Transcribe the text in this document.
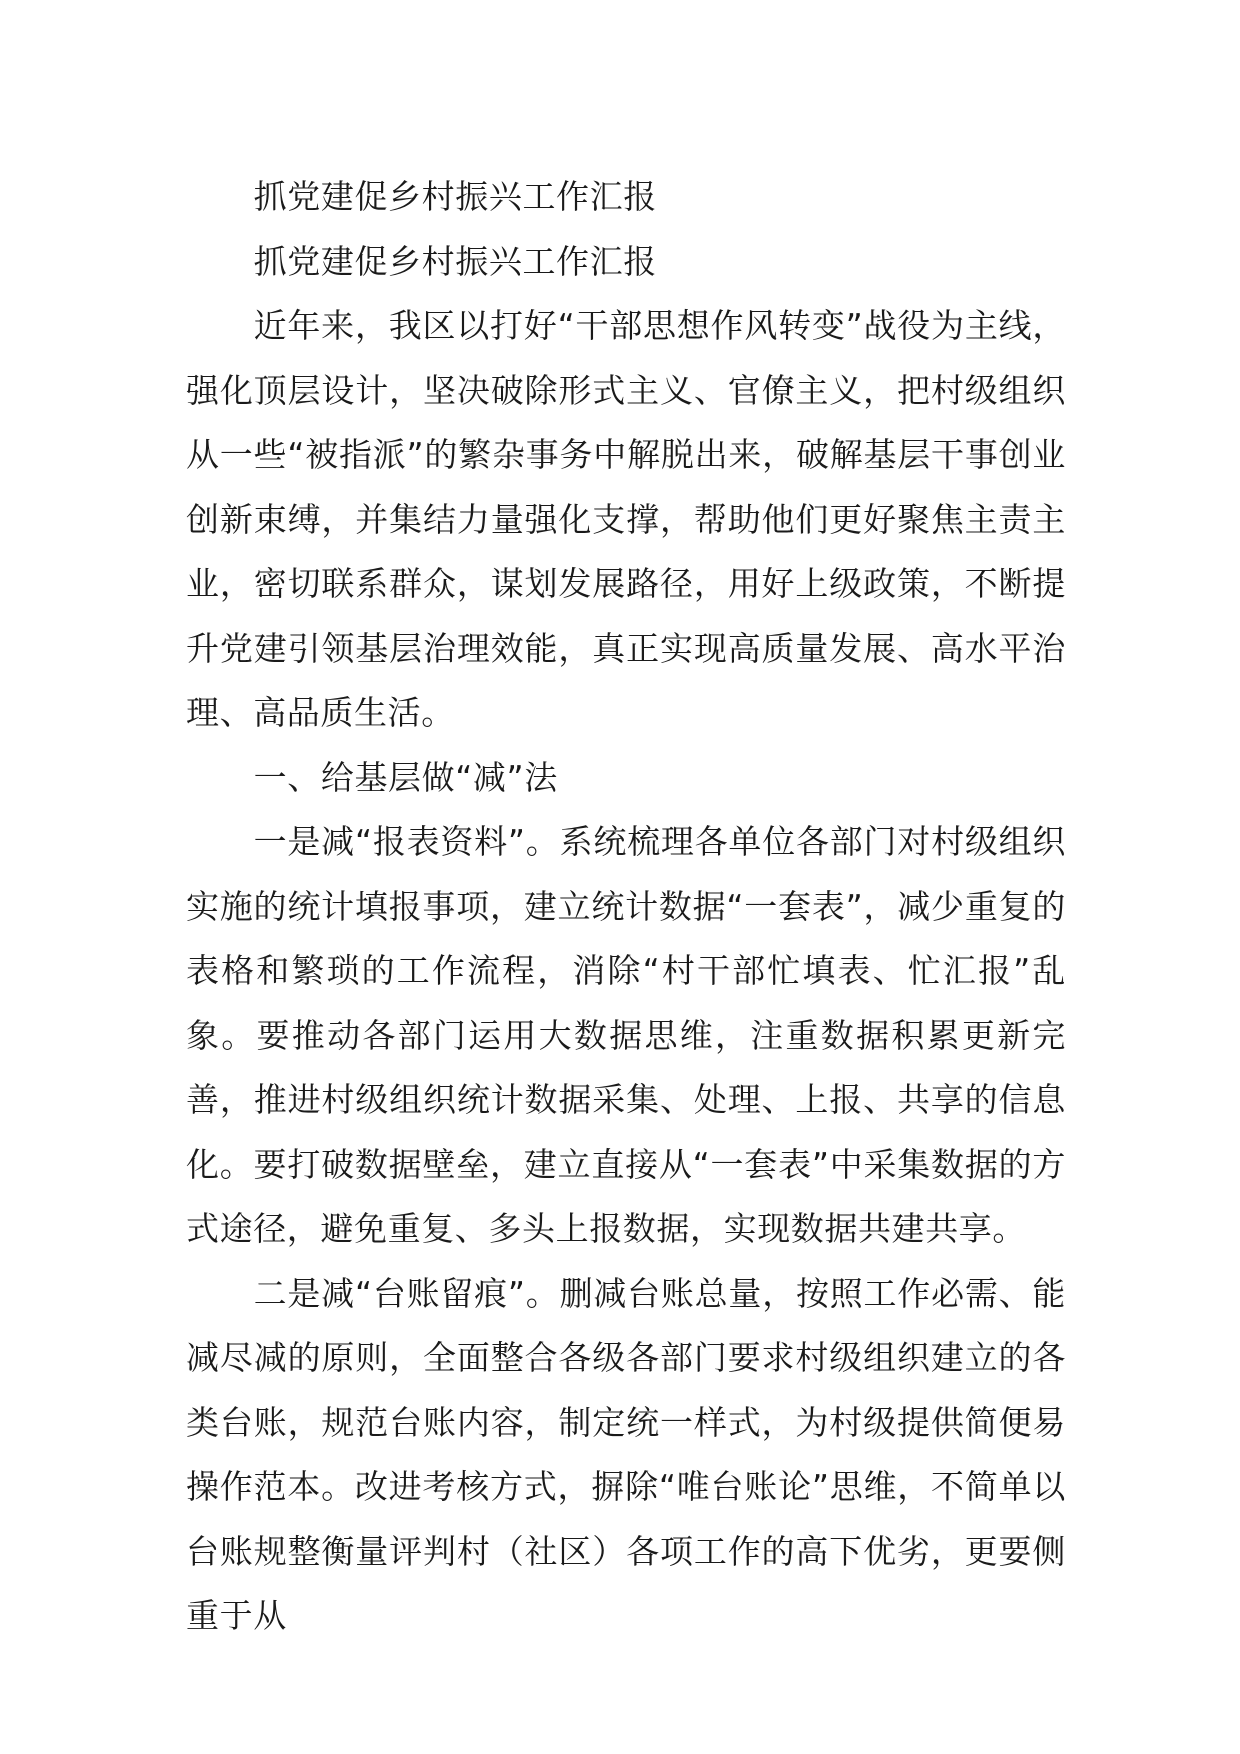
抓党建促乡村振兴工作汇报

抓党建促乡村振兴工作汇报

近年来，我区以打好“干部思想作风转变”战役为主线，强化顶层设计，坚决破除形式主义、官僚主义，把村级组织从一些“被指派”的繁杂事务中解脱出来，破解基层干事创业创新束缚，并集结力量强化支撑，帮助他们更好聚焦主责主业，密切联系群众，谋划发展路径，用好上级政策，不断提升党建引领基层治理效能，真正实现高质量发展、高水平治理、高品质生活。

一、给基层做“减”法

一是减“报表资料”。系统梳理各单位各部门对村级组织实施的统计填报事项，建立统计数据“一套表”，减少重复的表格和繁琐的工作流程，消除“村干部忙填表、忙汇报”乱象。要推动各部门运用大数据思维，注重数据积累更新完善，推进村级组织统计数据采集、处理、上报、共享的信息化。要打破数据壁垒，建立直接从“一套表”中采集数据的方式途径，避免重复、多头上报数据，实现数据共建共享。

二是减“台账留痕”。删减台账总量，按照工作必需、能减尽减的原则，全面整合各级各部门要求村级组织建立的各类台账，规范台账内容，制定统一样式，为村级提供简便易操作范本。改进考核方式，摒除“唯台账论”思维，不简单以台账规整衡量评判村（社区）各项工作的高下优劣，更要侧重于从
